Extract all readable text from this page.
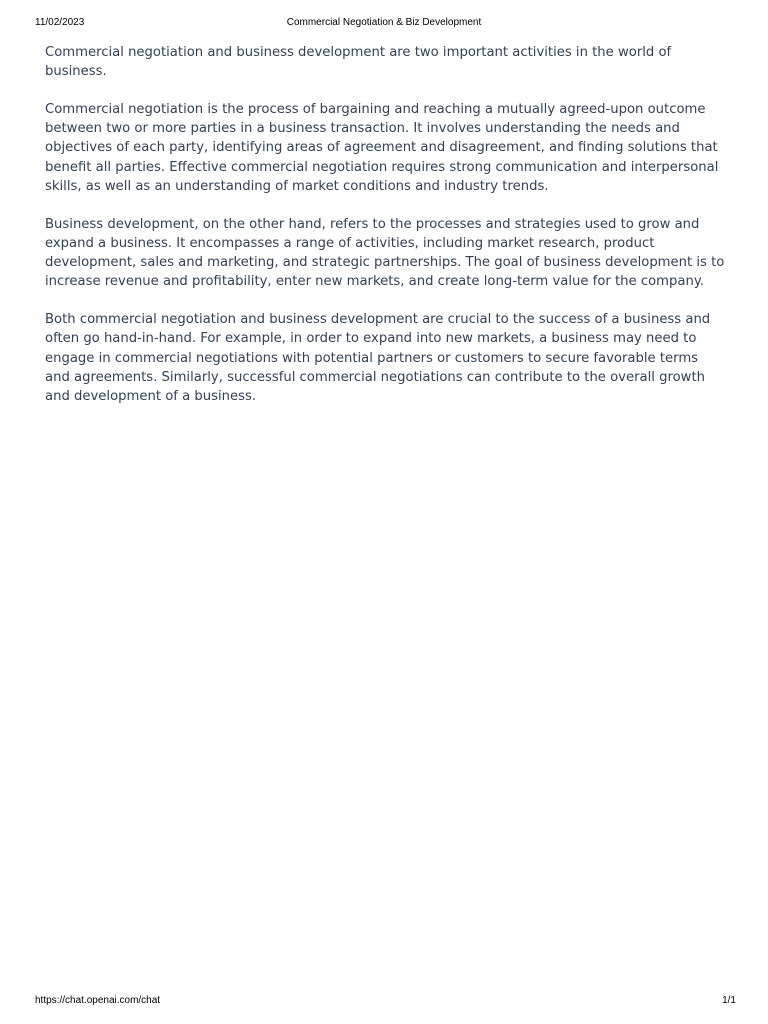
11/02/2023	Commercial Negotiation & Biz Development

Commercial negotiation and business development are two important activities in the world of business.

Commercial negotiation is the process of bargaining and reaching a mutually agreed-upon outcome between two or more parties in a business transaction. It involves understanding the needs and objectives of each party, identifying areas of agreement and disagreement, and finding solutions that benefit all parties. Effective commercial negotiation requires strong communication and interpersonal skills, as well as an understanding of market conditions and industry trends.

Business development, on the other hand, refers to the processes and strategies used to grow and expand a business. It encompasses a range of activities, including market research, product development, sales and marketing, and strategic partnerships. The goal of business development is to increase revenue and profitability, enter new markets, and create long-term value for the company.

Both commercial negotiation and business development are crucial to the success of a business and often go hand-in-hand. For example, in order to expand into new markets, a business may need to engage in commercial negotiations with potential partners or customers to secure favorable terms and agreements. Similarly, successful commercial negotiations can contribute to the overall growth and development of a business.

https://chat.openai.com/chat	1/1
